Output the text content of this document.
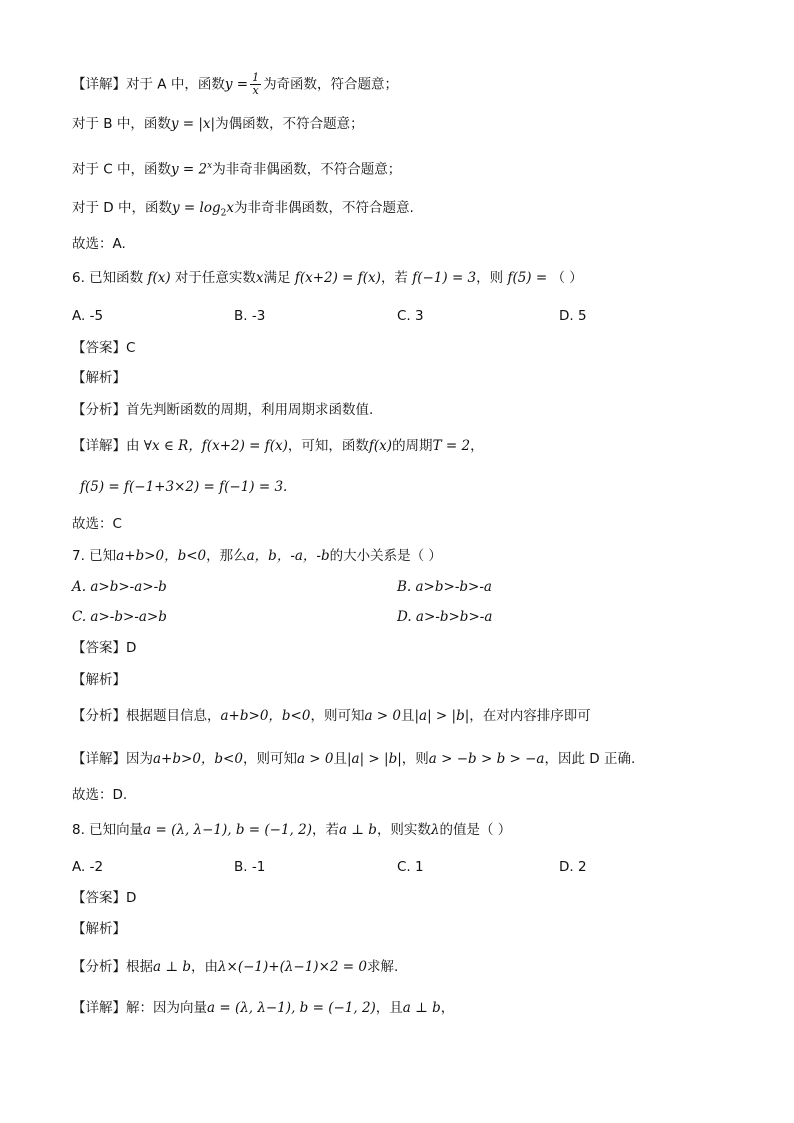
【详解】对于 A 中，函数$y = \frac{1}{x}$ 为奇函数，符合题意；
对于 B 中，函数y = |x|为偶函数，不符合题意；
对于 C 中，函数$y = 2^x$为非奇非偶函数，不符合题意；
对于 D 中，函数$y = \log_2x$为非奇非偶函数，不符合题意.
故选：A.
6. 已知函数 f(x) 对于任意实数x满足 f(x+2) = f(x)，若 f(−1) = 3，则 f(5) = （ ）
A. -5	B. -3	C. 3	D. 5
【答案】C
【解析】
【分析】首先判断函数的周期，利用周期求函数值.
【详解】由 ∀x ∈ R，f(x+2) = f(x)，可知，函数f(x)的周期T = 2，
f(5) = f(−1+3×2) = f(−1) = 3.
故选：C
7. 已知a+b>0，b<0，那么a，b，-a，-b的大小关系是（ ）
A. a>b>-a>-b	B. a>b>-b>-a
C. a>-b>-a>b	D. a>-b>b>-a
【答案】D
【解析】
【分析】根据题目信息，a+b>0，b<0，则可知a > 0且|a| > |b|，在对内容排序即可
【详解】因为a+b>0，b<0，则可知a > 0且|a| > |b|，则a > −b > b > −a，因此 D 正确.
故选：D.
8. 已知向量a = (λ, λ−1), b = (−1, 2)，若a ⊥ b，则实数λ的值是（ ）
A. -2	B. -1	C. 1	D. 2
【答案】D
【解析】
【分析】根据a ⊥ b，由λ×(−1)+(λ−1)×2 = 0求解.
【详解】解：因为向量a = (λ, λ−1), b = (−1, 2)，且a ⊥ b，
